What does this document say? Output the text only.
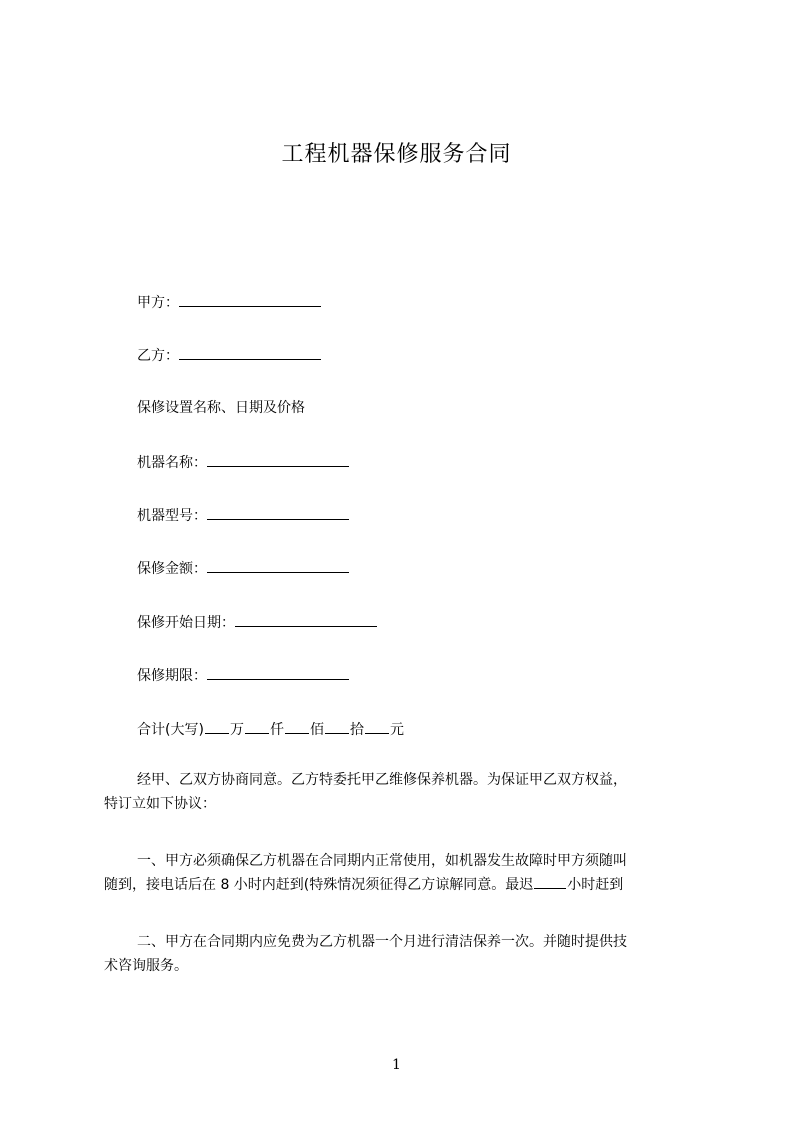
工程机器保修服务合同
甲方：
乙方：
保修设置名称、日期及价格
机器名称：
机器型号：
保修金额：
保修开始日期：
保修期限：
合计(大写) 万 仟 佰 拾 元
经甲、乙双方协商同意。乙方特委托甲乙维修保养机器。为保证甲乙双方权益，
特订立如下协议：
一、甲方必须确保乙方机器在合同期内正常使用，如机器发生故障时甲方须随叫
随到，接电话后在 8 小时内赶到(特殊情况须征得乙方谅解同意。最迟 小时赶到
二、甲方在合同期内应免费为乙方机器一个月进行清洁保养一次。并随时提供技
术咨询服务。
1
